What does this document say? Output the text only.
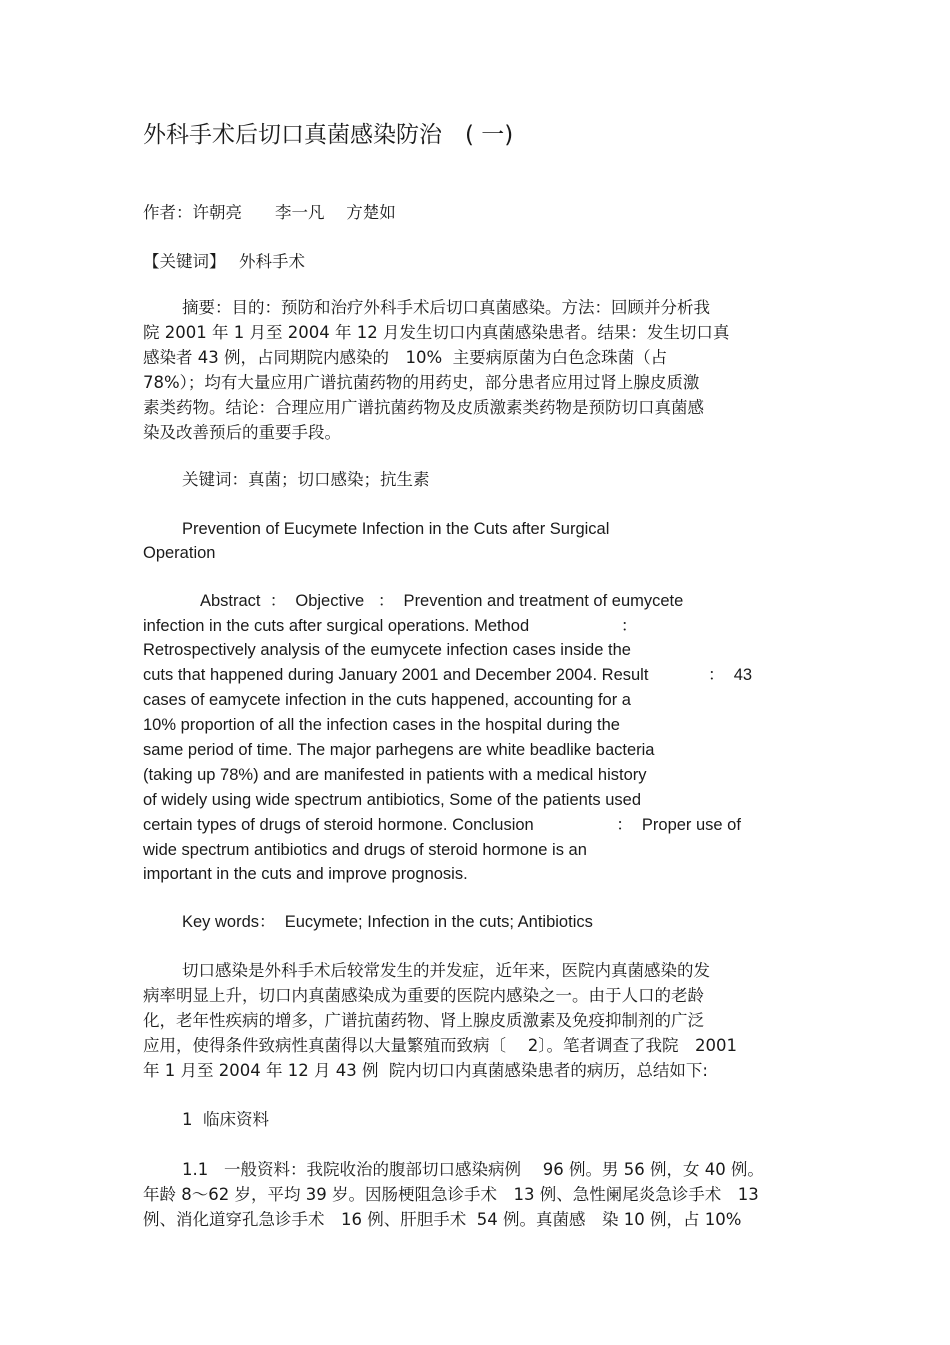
外科手术后切口真菌感染防治　( 一)
作者：许朝亮　　李一凡　 方楚如
【关键词】　 外科手术
摘要：目的：预防和治疗外科手术后切口真菌感染。方法：回顾并分析我
院 2001 年 1 月至 2004 年 12 月发生切口内真菌感染患者。结果：发生切口真
感染者 43 例，占同期院内感染的　10%  主要病原菌为白色念珠菌（占
78%）；均有大量应用广谱抗菌药物的用药史，部分患者应用过肾上腺皮质激
素类药物。结论：合理应用广谱抗菌药物及皮质激素类药物是预防切口真菌感
染及改善预后的重要手段。
关键词：真菌；切口感染；抗生素
Prevention of Eucymete Infection in the Cuts after Surgical
Operation
Abstract  ：  Objective   ：  Prevention and treatment of eumycete
infection in the cuts after surgical operations. Method                    ：
Retrospectively analysis of the eumycete infection cases inside the
cuts that happened during January 2001 and December 2004. Result             ：  43
cases of eamycete infection in the cuts happened, accounting for a
10% proportion of all the infection cases in the hospital during the
same period of time. The major parhegens are white beadlike bacteria
(taking up 78%) and are manifested in patients with a medical history
of widely using wide spectrum antibiotics, Some of the patients used
certain types of drugs of steroid hormone. Conclusion                  ：  Proper use of
wide spectrum antibiotics and drugs of steroid hormone is an
important in the cuts and improve prognosis.
Key words：  Eucymete; Infection in the cuts; Antibiotics
切口感染是外科手术后较常发生的并发症，近年来，医院内真菌感染的发
病率明显上升，切口内真菌感染成为重要的医院内感染之一。由于人口的老龄
化，老年性疾病的增多，广谱抗菌药物、肾上腺皮质激素及免疫抑制剂的广泛
应用，使得条件致病性真菌得以大量繁殖而致病〔　 2〕。笔者调查了我院　2001
年 1 月至 2004 年 12 月 43 例  院内切口内真菌感染患者的病历，总结如下:
1  临床资料
1.1   一般资料：我院收治的腹部切口感染病例　 96 例。男 56 例，女 40 例。
年龄 8～62 岁，平均 39 岁。因肠梗阻急诊手术　13 例、急性阑尾炎急诊手术　13
例、消化道穿孔急诊手术　16 例、肝胆手术  54 例。真菌感　染 10 例，占 10%
